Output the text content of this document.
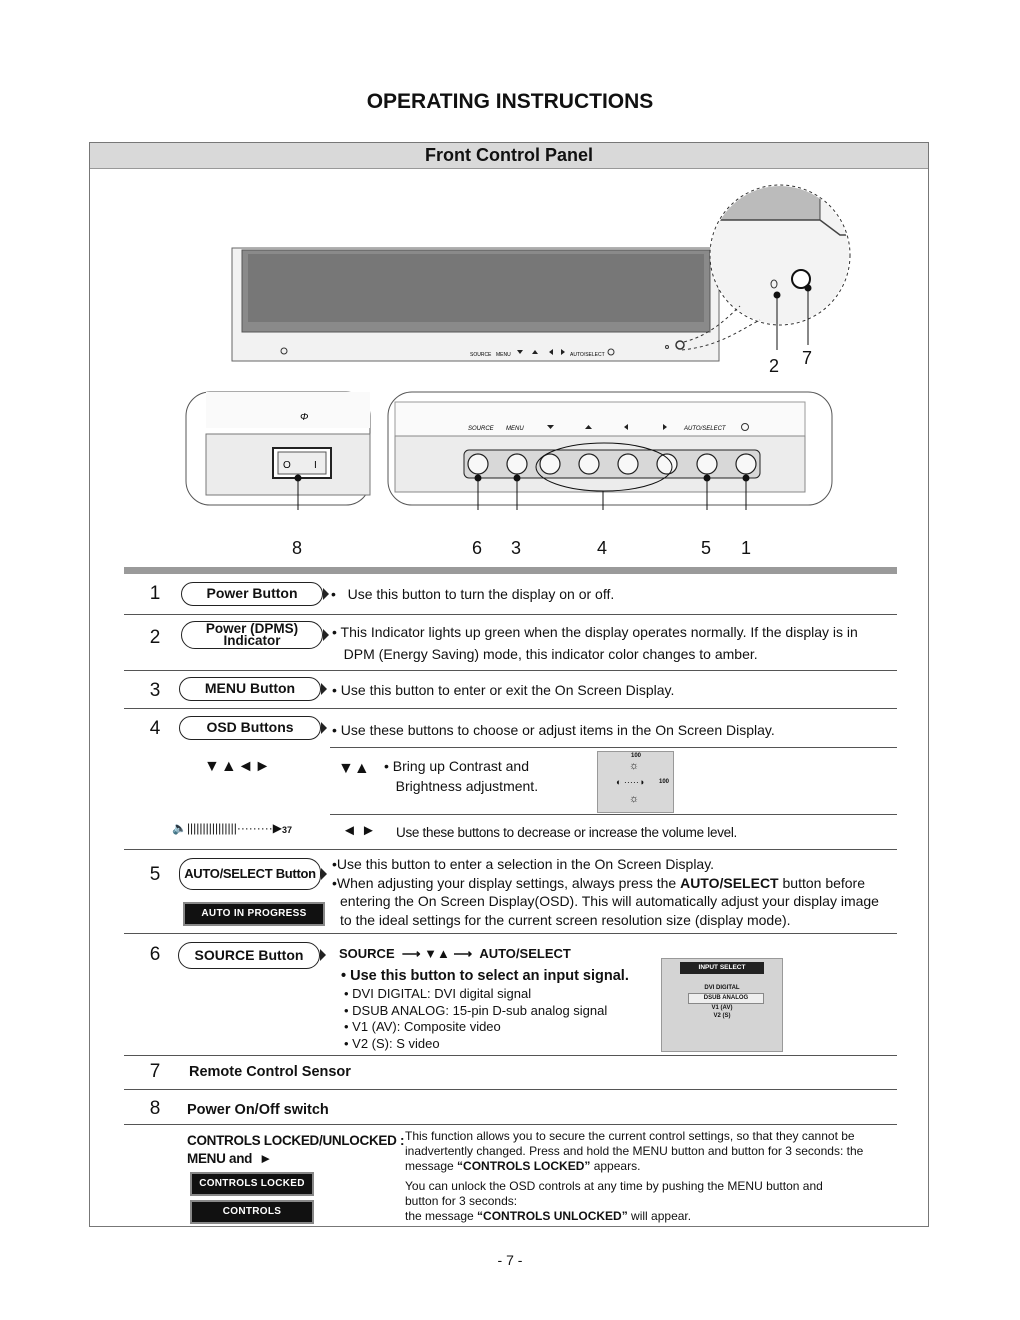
OPERATING INSTRUCTIONS
Front Control Panel
SOURCE MENU	AUTO/SELECT
Φ
O I
SOURCE MENU	AUTO/SELECT
2 7
8	6 3	4	5 1
1	Power Button	•   Use this button to turn the display on or off.
2	Power (DPMS)
Indicator
• This Indicator lights up green when the display operates normally. If the display is in
DPM (Energy Saving) mode, this indicator color changes to amber.
3	MENU Button	• Use this button to enter or exit the On Screen Display.
4	OSD Buttons	• Use these buttons to choose or adjust items in the On Screen Display.
▼▲◄►	▼▲ • Bring up Contrast and
Brightness adjustment.
100
☼
◐ ·····◑ 100
☼
🔈||||||||||||||||·········▶ 37	◄ ► Use these buttons to decrease or increase the volume level.
5	AUTO/SELECT Button
AUTO IN PROGRESS
•Use this button to enter a selection in the On Screen Display.
•When adjusting your display settings, always press the AUTO/SELECT button before
entering the On Screen Display(OSD). This will automatically adjust your display image
to the ideal settings for the current screen resolution size (display mode).
6	SOURCE Button	SOURCE  ⟶ ▼▲ ⟶  AUTO/SELECT
• Use this button to select an input signal.
• DVI DIGITAL: DVI digital signal
• DSUB ANALOG: 15-pin D-sub analog signal
• V1 (AV): Composite video
• V2 (S): S video
INPUT SELECT
DVI DIGITAL
DSUB ANALOG
V1 (AV)
V2 (S)
7	Remote Control Sensor
8	Power On/Off switch
CONTROLS LOCKED/UNLOCKED :
MENU and ►
CONTROLS LOCKED
CONTROLS UNLOCKED
This function allows you to secure the current control settings, so that they cannot be
inadvertently changed. Press and hold the MENU button and button for 3 seconds: the
message “CONTROLS LOCKED” appears.
You can unlock the OSD controls at any time by pushing the MENU button and
button for 3 seconds:
the message “CONTROLS UNLOCKED” will appear.
- 7 -
